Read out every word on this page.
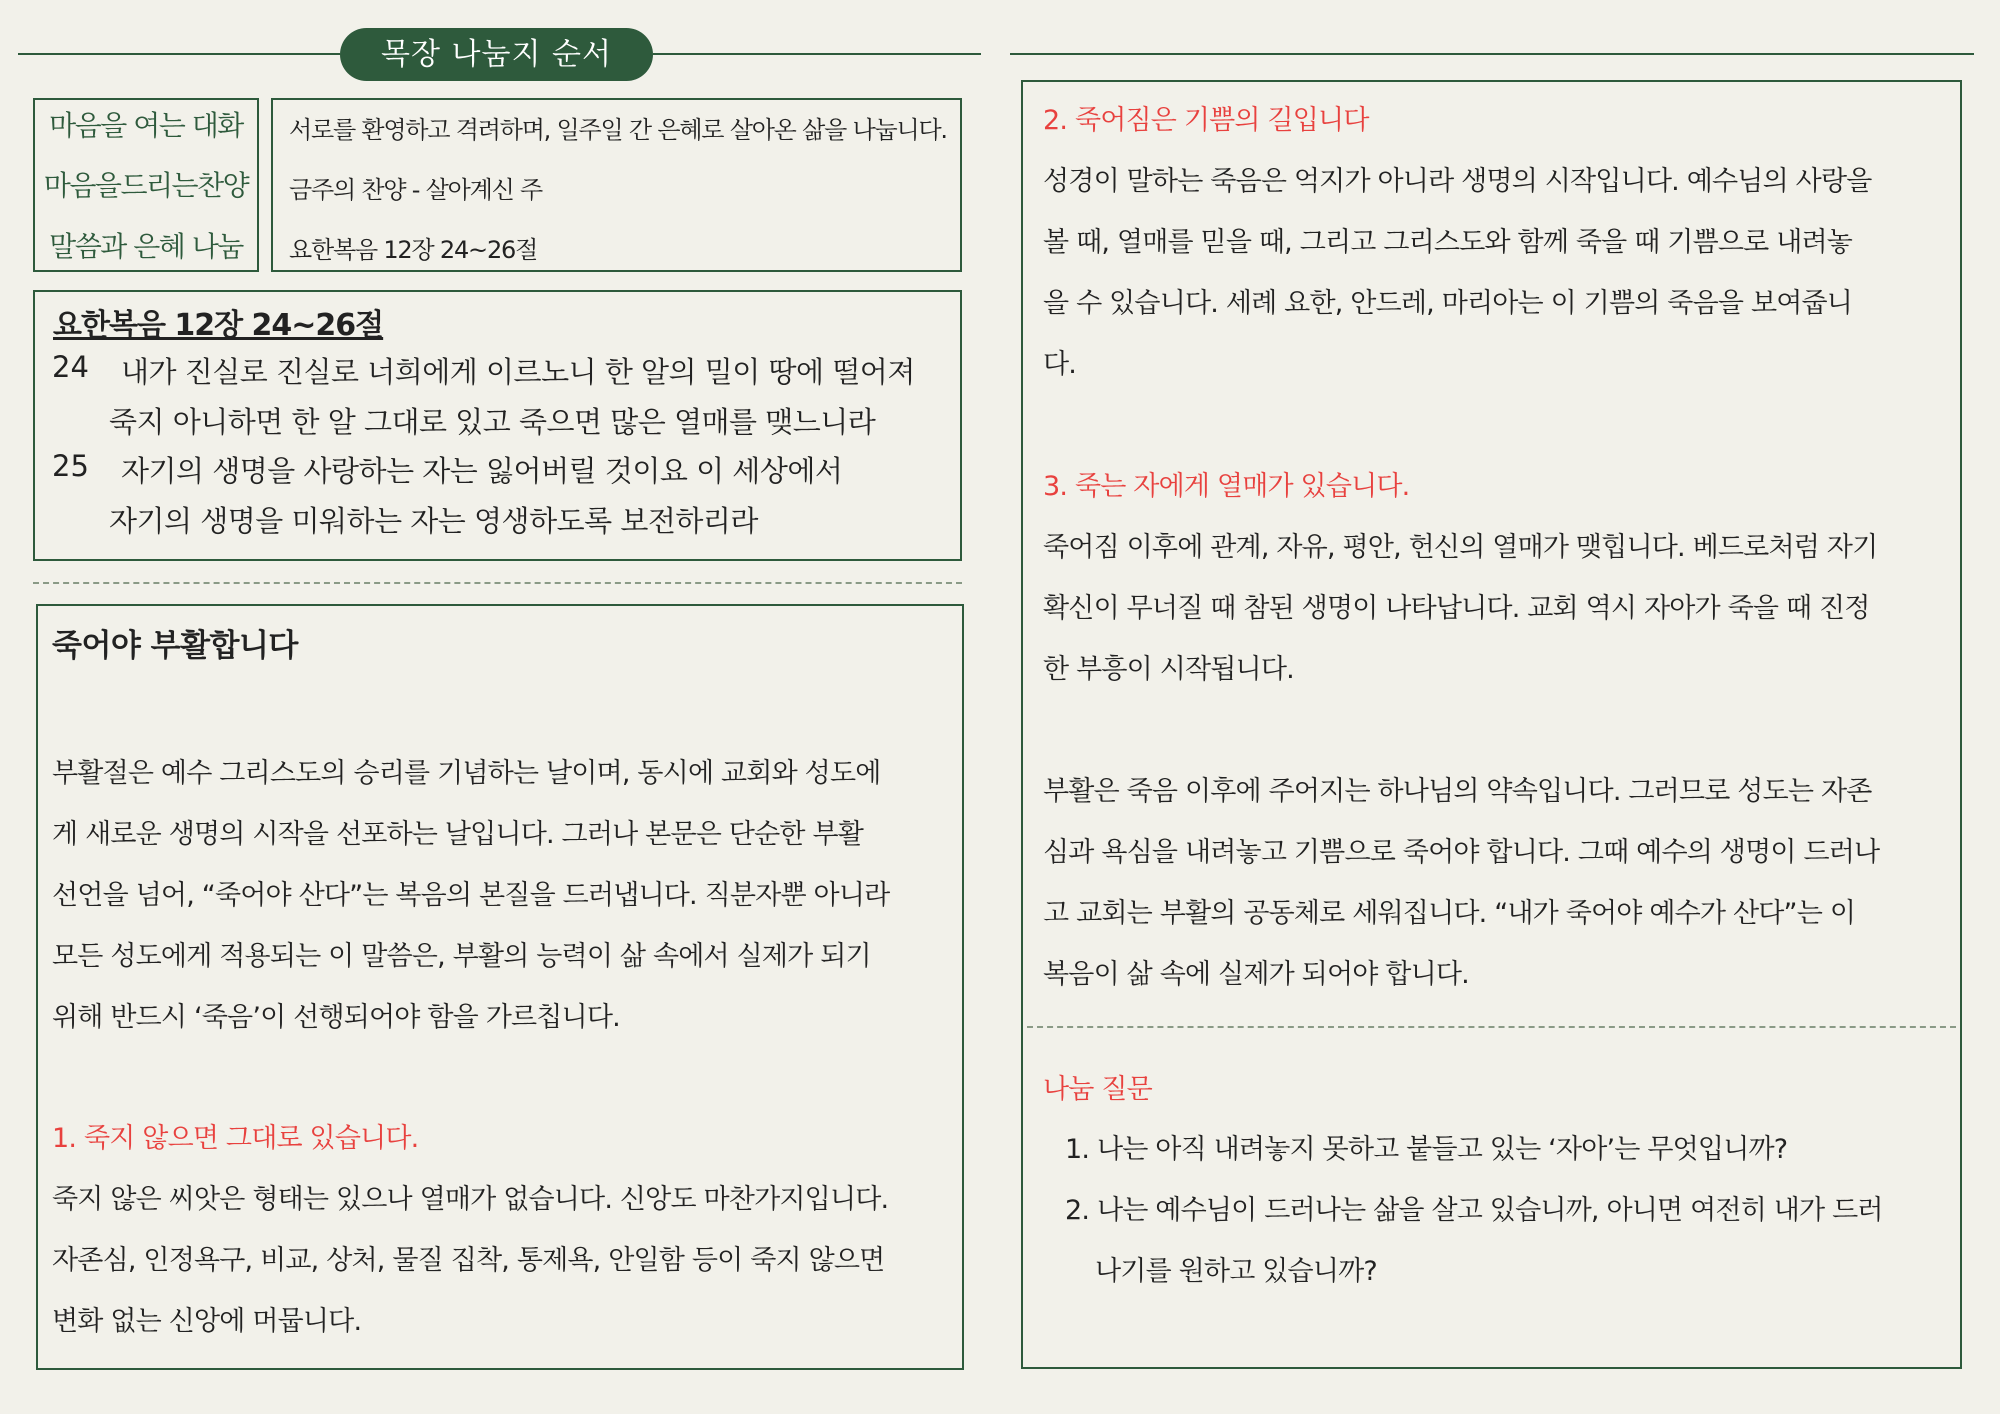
목장 나눔지 순서
마음을 여는 대화
마음을드리는찬양
말씀과 은혜 나눔
서로를 환영하고 격려하며, 일주일 간 은혜로 살아온 삶을 나눕니다.
금주의 찬양 - 살아계신 주
요한복음 12장 24~26절
요한복음 12장 24~26절
24 내가 진실로 진실로 너희에게 이르노니 한 알의 밀이 땅에 떨어져
죽지 아니하면 한 알 그대로 있고 죽으면 많은 열매를 맺느니라
25 자기의 생명을 사랑하는 자는 잃어버릴 것이요 이 세상에서
자기의 생명을 미워하는 자는 영생하도록 보전하리라
죽어야 부활합니다
부활절은 예수 그리스도의 승리를 기념하는 날이며, 동시에 교회와 성도에
게 새로운 생명의 시작을 선포하는 날입니다. 그러나 본문은 단순한 부활
선언을 넘어, “죽어야 산다”는 복음의 본질을 드러냅니다. 직분자뿐 아니라
모든 성도에게 적용되는 이 말씀은, 부활의 능력이 삶 속에서 실제가 되기
위해 반드시 ‘죽음’이 선행되어야 함을 가르칩니다.
1. 죽지 않으면 그대로 있습니다.
죽지 않은 씨앗은 형태는 있으나 열매가 없습니다. 신앙도 마찬가지입니다.
자존심, 인정욕구, 비교, 상처, 물질 집착, 통제욕, 안일함 등이 죽지 않으면
변화 없는 신앙에 머뭅니다.
2. 죽어짐은 기쁨의 길입니다
성경이 말하는 죽음은 억지가 아니라 생명의 시작입니다. 예수님의 사랑을
볼 때, 열매를 믿을 때, 그리고 그리스도와 함께 죽을 때 기쁨으로 내려놓
을 수 있습니다. 세례 요한, 안드레, 마리아는 이 기쁨의 죽음을 보여줍니
다.
3. 죽는 자에게 열매가 있습니다.
죽어짐 이후에 관계, 자유, 평안, 헌신의 열매가 맺힙니다. 베드로처럼 자기
확신이 무너질 때 참된 생명이 나타납니다. 교회 역시 자아가 죽을 때 진정
한 부흥이 시작됩니다.
부활은 죽음 이후에 주어지는 하나님의 약속입니다. 그러므로 성도는 자존
심과 욕심을 내려놓고 기쁨으로 죽어야 합니다. 그때 예수의 생명이 드러나
고 교회는 부활의 공동체로 세워집니다. “내가 죽어야 예수가 산다”는 이
복음이 삶 속에 실제가 되어야 합니다.
나눔 질문
1. 나는 아직 내려놓지 못하고 붙들고 있는 ‘자아’는 무엇입니까?
2. 나는 예수님이 드러나는 삶을 살고 있습니까, 아니면 여전히 내가 드러
나기를 원하고 있습니까?
